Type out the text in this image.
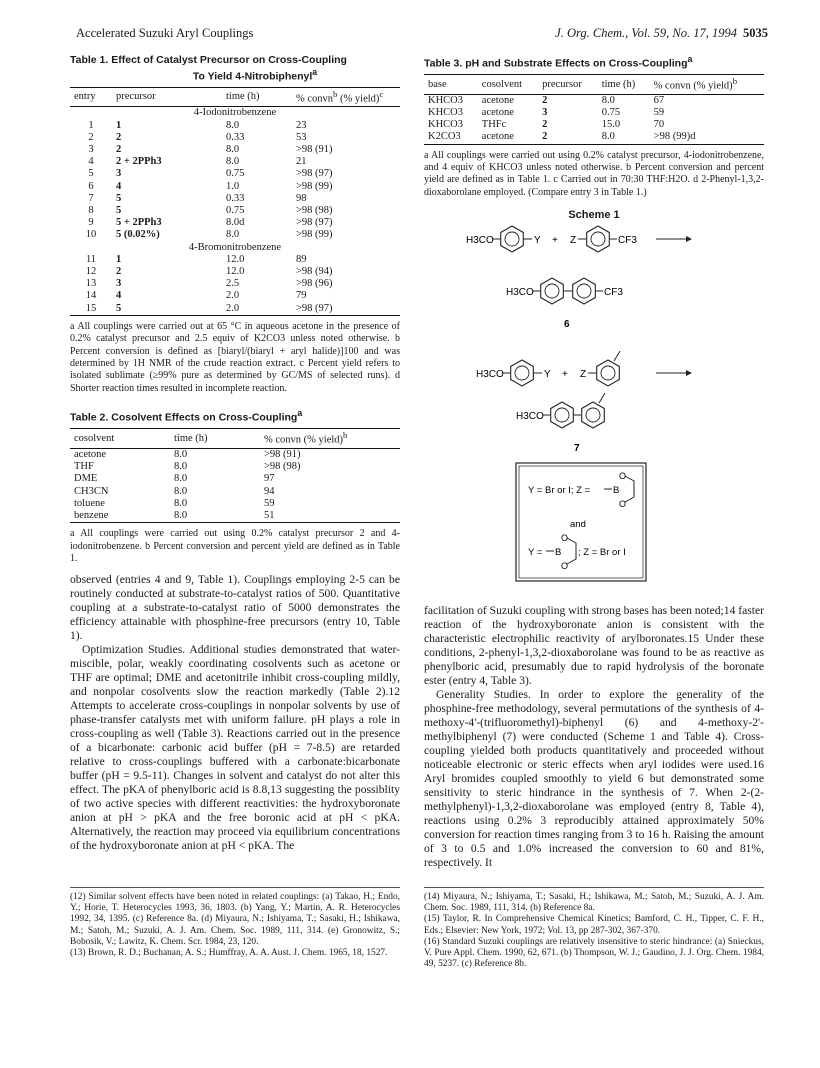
Accelerated Suzuki Aryl Couplings	J. Org. Chem., Vol. 59, No. 17, 1994 5035
Table 1. Effect of Catalyst Precursor on Cross-Coupling
To Yield 4-Nitrobiphenyl$^a$
entry	precursor	time (h)	% convn$^b$ (% yield)$^c$
4-Iodonitrobenzene			
1	1	8.0	23
2	2	0.33	53
3	2	8.0	>98 (91)
4	2 + 2PPh3	8.0	21
5	3	0.75	>98 (97)
6	4	1.0	>98 (99)
7	5	0.33	98
8	5	0.75	>98 (98)
9	5 + 2PPh3	8.0d	>98 (97)
10	5 (0.02%)	8.0	>98 (99)
4-Bromonitrobenzene			
11	1	12.0	89
12	2	12.0	>98 (94)
13	3	2.5	>98 (96)
14	4	2.0	79
15	5	2.0	>98 (97)
a All couplings were carried out at 65 °C in aqueous acetone in the presence of 0.2% catalyst precursor and 2.5 equiv of K2CO3 unless noted otherwise. b Percent conversion is defined as [biaryl/(biaryl + aryl halide)]100 and was determined by 1H NMR of the crude reaction extract. c Percent yield refers to isolated sublimate (≥99% pure as determined by GC/MS of selected runs). d Shorter reaction times resulted in incomplete reaction.
Table 2. Cosolvent Effects on Cross-Coupling$^a$
cosolvent	time (h)	% convn (% yield)$^b$
acetone	8.0	>98 (91)
THF	8.0	>98 (98)
DME	8.0	97
CH3CN	8.0	94
toluene	8.0	59
benzene	8.0	51
a All couplings were carried out using 0.2% catalyst precursor 2 and 4-iodonitrobenzene. b Percent conversion and percent yield are defined as in Table 1.

observed (entries 4 and 9, Table 1). Couplings employing 2-5 can be routinely conducted at substrate-to-catalyst ratios of 500. Quantitative coupling at a substrate-to-catalyst ratio of 5000 demonstrates the efficiency attainable with phosphine-free precursors (entry 10, Table 1).

Optimization Studies. Additional studies demonstrated that water-miscible, polar, weakly coordinating cosolvents such as acetone or THF are optimal; DME and acetonitrile inhibit cross-coupling mildly, and nonpolar cosolvents slow the reaction markedly (Table 2).12 Attempts to accelerate cross-couplings in nonpolar solvents by use of phase-transfer catalysts met with uniform failure. pH plays a role in cross-coupling as well (Table 3). Reactions carried out in the presence of a bicarbonate: carbonic acid buffer (pH = 7-8.5) are retarded relative to cross-couplings buffered with a carbonate:bicarbonate buffer (pH = 9.5-11). Changes in solvent and catalyst do not alter this effect. The pKA of phenylboric acid is 8.8,13 suggesting the possiblity of two active species with different reactivities: the hydroxyboronate anion at pH > pKA and the free boronic acid at pH < pKA. Alternatively, the reaction may proceed via equilibrium concentrations of the hydroxyboronate anion at pH < pKA. The

(12) Similar solvent effects have been noted in related couplings: (a) Takao, H.; Endo, Y.; Horie, T. Heterocycles 1993, 36, 1803. (b) Yang, Y.; Martin, A. R. Heterocycles 1992, 34, 1395. (c) Reference 8a. (d) Miyaura, N.; Ishiyama, T.; Sasaki, H.; Ishikawa, M.; Satoh, M.; Suzuki, A. J. Am. Chem. Soc. 1989, 111, 314. (e) Gronowitz, S.; Bobosik, V.; Lawitz, K. Chem. Scr. 1984, 23, 120.
(13) Brown, R. D.; Buchanan, A. S.; Humffray, A. A. Aust. J. Chem. 1965, 18, 1527.
Table 3. pH and Substrate Effects on Cross-Coupling$^a$
base	cosolvent	precursor	time (h)	% convn (% yield)$^b$
KHCO3	acetone	2	8.0	67
KHCO3	acetone	3	0.75	59
KHCO3	THFc	2	15.0	70
K2CO3	acetone	2	8.0	>98 (99)d
a All couplings were carried out using 0.2% catalyst precursor, 4-iodonitrobenzene, and 4 equiv of KHCO3 unless noted otherwise. b Percent conversion and percent yield are defined as in Table 1. c Carried out in 70:30 THF:H2O. d 2-Phenyl-1,3,2-dioxaborolane employed. (Compare entry 3 in Table 1.)
Scheme 1
H3CO	Y + Z	CF3
H3CO	CF3
6
H3CO	Y + Z
H3CO
7
Y = Br or I; Z = B
O
O
and
Y = B
O
O
; Z = Br or I

facilitation of Suzuki coupling with strong bases has been noted;14 faster reaction of the hydroxyboronate anion is consistent with the characteristic electrophilic reactivity of arylboronates.15 Under these conditions, 2-phenyl-1,3,2-dioxaborolane was found to be as reactive as phenylboric acid, presumably due to rapid hydrolysis of the boronate ester (entry 4, Table 3).

Generality Studies. In order to explore the generality of the phosphine-free methodology, several permutations of the synthesis of 4-methoxy-4'-(trifluoromethyl)-biphenyl (6) and 4-methoxy-2'-methylbiphenyl (7) were conducted (Scheme 1 and Table 4). Cross-coupling yielded both products quantitatively and proceeded without noticeable electronic or steric effects when aryl iodides were used.16 Aryl bromides coupled smoothly to yield 6 but demonstrated some sensitivity to steric hindrance in the synthesis of 7. When 2-(2-methylphenyl)-1,3,2-dioxaborolane was employed (entry 8, Table 4), reactions using 0.2% 3 reproducibly attained approximately 50% conversion for reaction times ranging from 3 to 16 h. Raising the amount of 3 to 0.5 and 1.0% increased the conversion to 60 and 81%, respectively. It

(14) Miyaura, N.; Ishiyama, T.; Sasaki, H.; Ishikawa, M.; Satoh, M.; Suzuki, A. J. Am. Chem. Soc. 1989, 111, 314. (b) Reference 8a.
(15) Taylor, R. In Comprehensive Chemical Kinetics; Bamford, C. H., Tipper, C. F. H., Eds.; Elsevier: New York, 1972; Vol. 13, pp 287-302, 367-370.
(16) Standard Suzuki couplings are relatively insensitive to steric hindrance: (a) Snieckus, V. Pure Appl. Chem. 1990, 62, 671. (b) Thompson, W. J.; Gaudino, J. J. Org. Chem. 1984, 49, 5237. (c) Reference 8b.
